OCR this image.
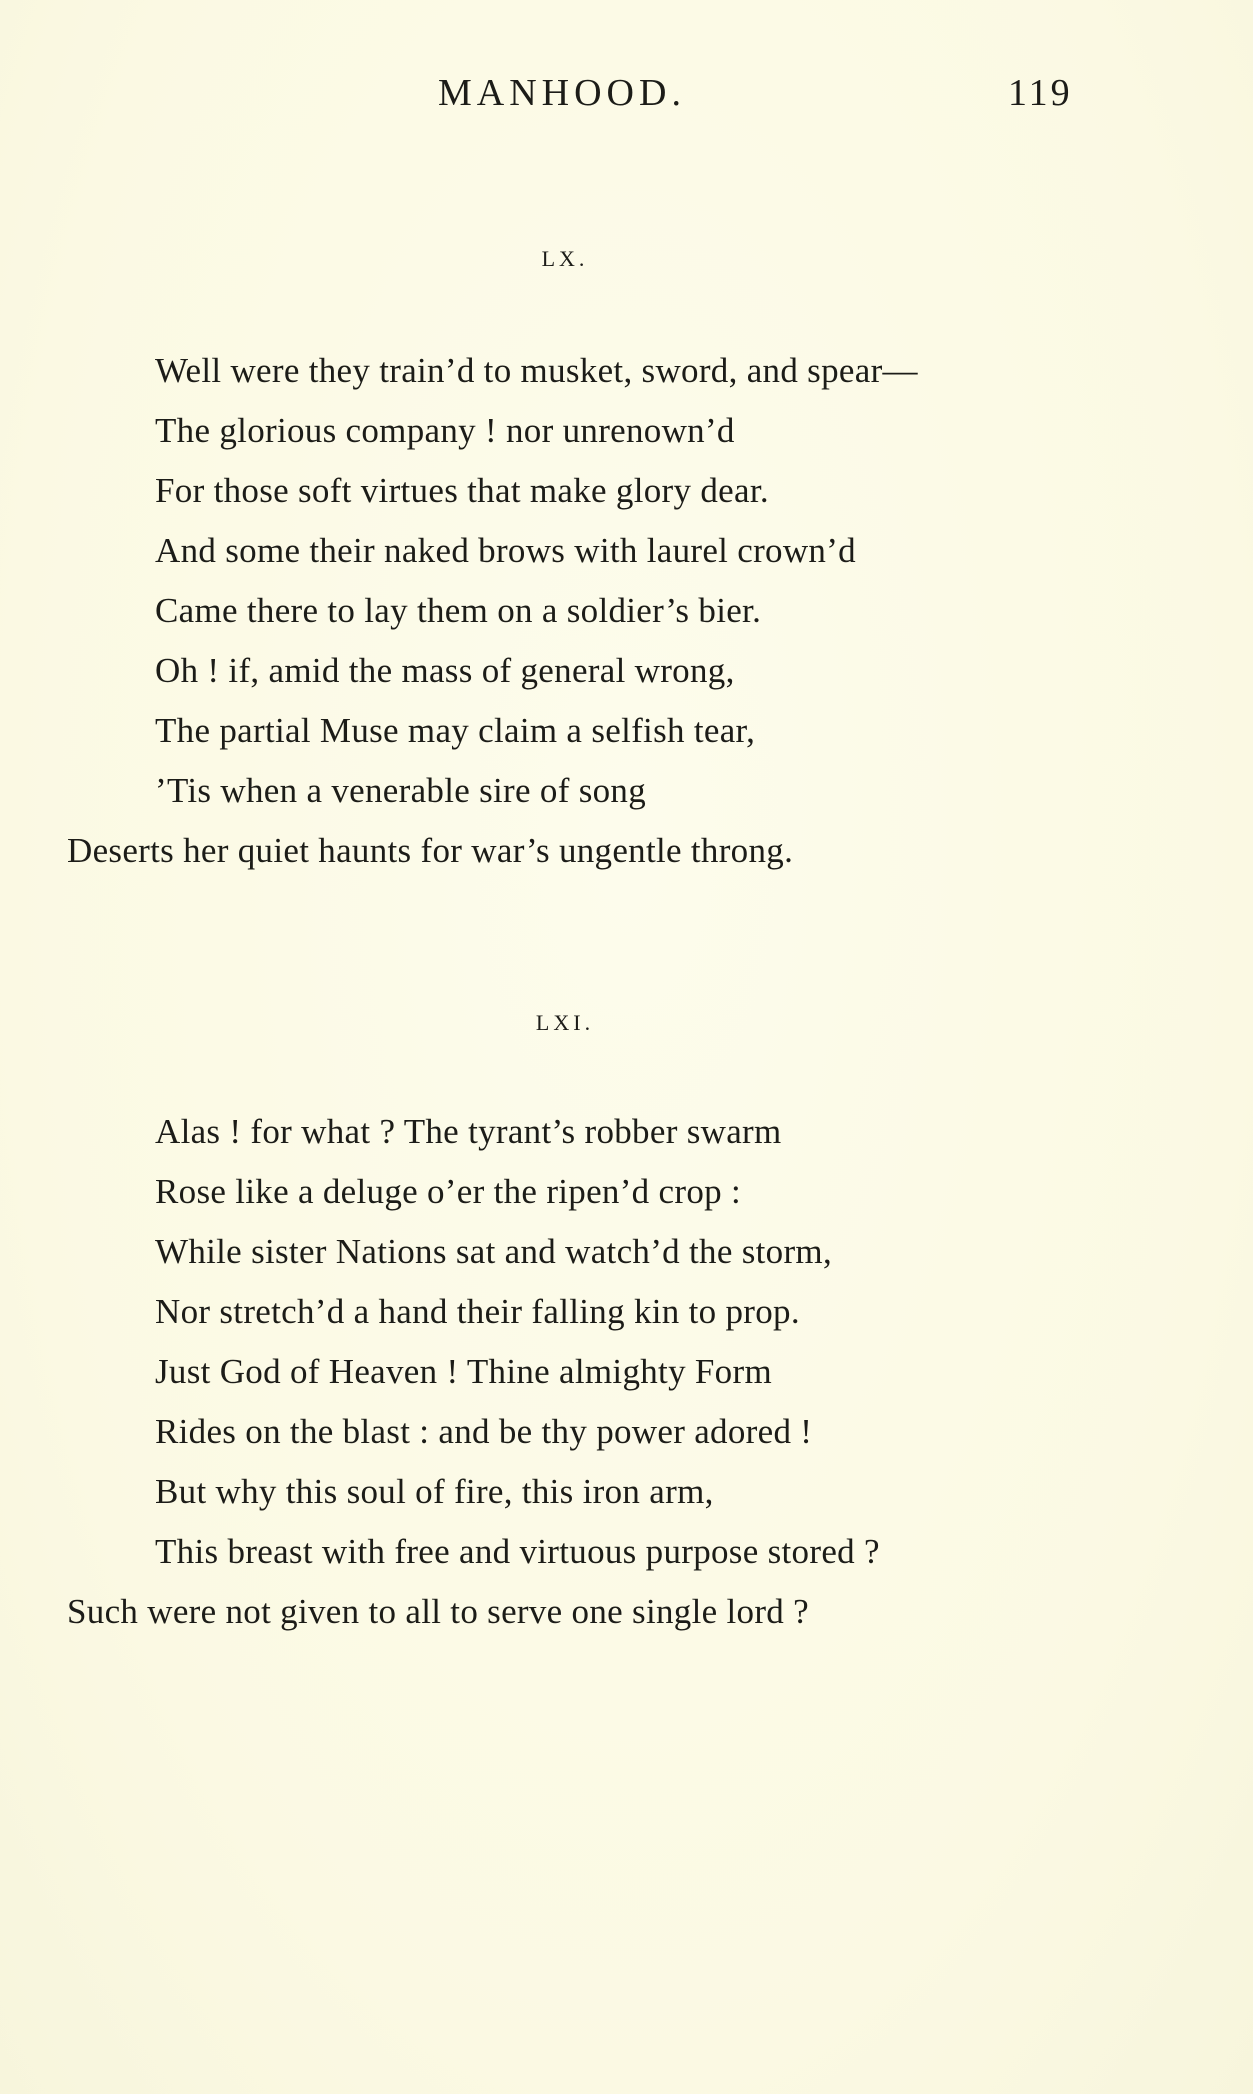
MANHOOD.	119
LX.
Well were they train’d to musket, sword, and spear—
The glorious company ! nor unrenown’d
For those soft virtues that make glory dear.
And some their naked brows with laurel crown’d
Came there to lay them on a soldier’s bier.
Oh ! if, amid the mass of general wrong,
The partial Muse may claim a selfish tear,
’Tis when a venerable sire of song
Deserts her quiet haunts for war’s ungentle throng.
LXI.
Alas ! for what ? The tyrant’s robber swarm
Rose like a deluge o’er the ripen’d crop :
While sister Nations sat and watch’d the storm,
Nor stretch’d a hand their falling kin to prop.
Just God of Heaven ! Thine almighty Form
Rides on the blast : and be thy power adored !
But why this soul of fire, this iron arm,
This breast with free and virtuous purpose stored ?
Such were not given to all to serve one single lord ?
